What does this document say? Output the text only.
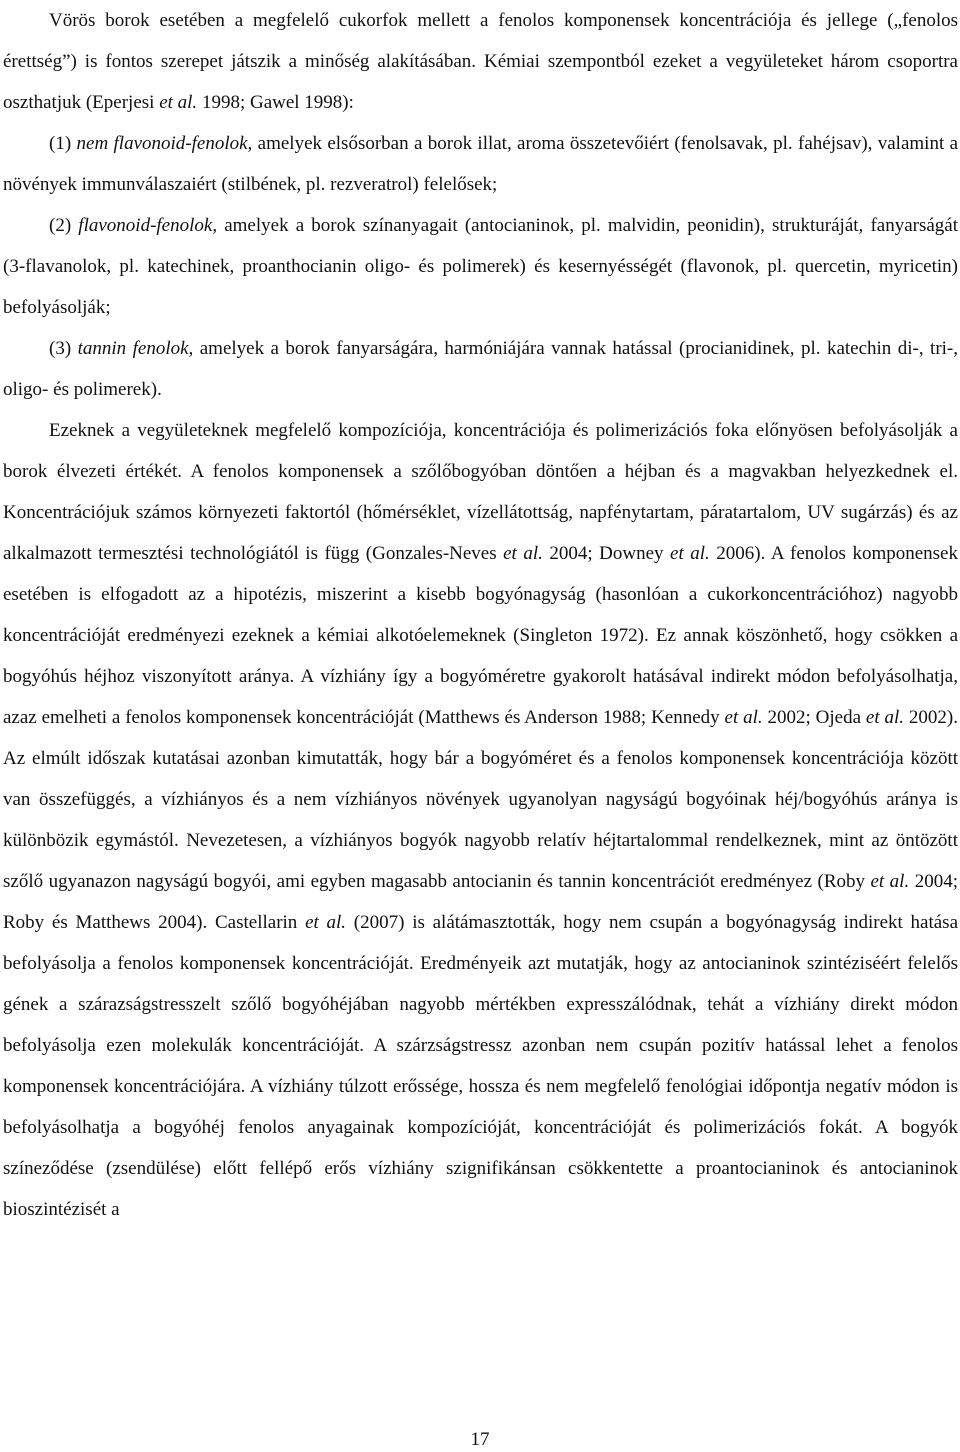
Vörös borok esetében a megfelelő cukorfok mellett a fenolos komponensek koncentrációja és jellege („fenolos érettség”) is fontos szerepet játszik a minőség alakításában. Kémiai szempontból ezeket a vegyületeket három csoportra oszthatjuk (Eperjesi et al. 1998; Gawel 1998):

(1) nem flavonoid-fenolok, amelyek elsősorban a borok illat, aroma összetevőiért (fenolsavak, pl. fahéjsav), valamint a növények immunválaszaiért (stilbének, pl. rezveratrol) felelősek;

(2) flavonoid-fenolok, amelyek a borok színanyagait (antocianinok, pl. malvidin, peonidin), strukturáját, fanyarságát (3-flavanolok, pl. katechinek, proanthocianin oligo- és polimerek) és kesernyésségét (flavonok, pl. quercetin, myricetin) befolyásolják;

(3) tannin fenolok, amelyek a borok fanyarságára, harmóniájára vannak hatással (procianidinek, pl. katechin di-, tri-, oligo- és polimerek).

Ezeknek a vegyületeknek megfelelő kompozíciója, koncentrációja és polimerizációs foka előnyösen befolyásolják a borok élvezeti értékét. A fenolos komponensek a szőlőbogyóban döntően a héjban és a magvakban helyezkednek el. Koncentrációjuk számos környezeti faktortól (hőmérséklet, vízellátottság, napfénytartam, páratartalom, UV sugárzás) és az alkalmazott termesztési technológiától is függ (Gonzales-Neves et al. 2004; Downey et al. 2006). A fenolos komponensek esetében is elfogadott az a hipotézis, miszerint a kisebb bogyónagyság (hasonlóan a cukorkoncentrációhoz) nagyobb koncentrációját eredményezi ezeknek a kémiai alkotóelemeknek (Singleton 1972). Ez annak köszönhető, hogy csökken a bogyóhús héjhoz viszonyított aránya. A vízhiány így a bogyóméretre gyakorolt hatásával indirekt módon befolyásolhatja, azaz emelheti a fenolos komponensek koncentrációját (Matthews és Anderson 1988; Kennedy et al. 2002; Ojeda et al. 2002). Az elmúlt időszak kutatásai azonban kimutatták, hogy bár a bogyóméret és a fenolos komponensek koncentrációja között van összefüggés, a vízhiányos és a nem vízhiányos növények ugyanolyan nagyságú bogyóinak héj/bogyóhús aránya is különbözik egymástól. Nevezetesen, a vízhiányos bogyók nagyobb relatív héjtartalommal rendelkeznek, mint az öntözött szőlő ugyanazon nagyságú bogyói, ami egyben magasabb antocianin és tannin koncentrációt eredményez (Roby et al. 2004; Roby és Matthews 2004). Castellarin et al. (2007) is alátámasztották, hogy nem csupán a bogyónagyság indirekt hatása befolyásolja a fenolos komponensek koncentrációját. Eredményeik azt mutatják, hogy az antocianinok szintéziséért felelős gének a szárazságstresszelt szőlő bogyóhéjában nagyobb mértékben expresszálódnak, tehát a vízhiány direkt módon befolyásolja ezen molekulák koncentrációját. A szárzságstressz azonban nem csupán pozitív hatással lehet a fenolos komponensek koncentrációjára. A vízhiány túlzott erőssége, hossza és nem megfelelő fenológiai időpontja negatív módon is befolyásolhatja a bogyóhéj fenolos anyagainak kompozícióját, koncentrációját és polimerizációs fokát. A bogyók színeződése (zsendülése) előtt fellépő erős vízhiány szignifikánsan csökkentette a proantocianinok és antocianinok bioszintézisét a

17
